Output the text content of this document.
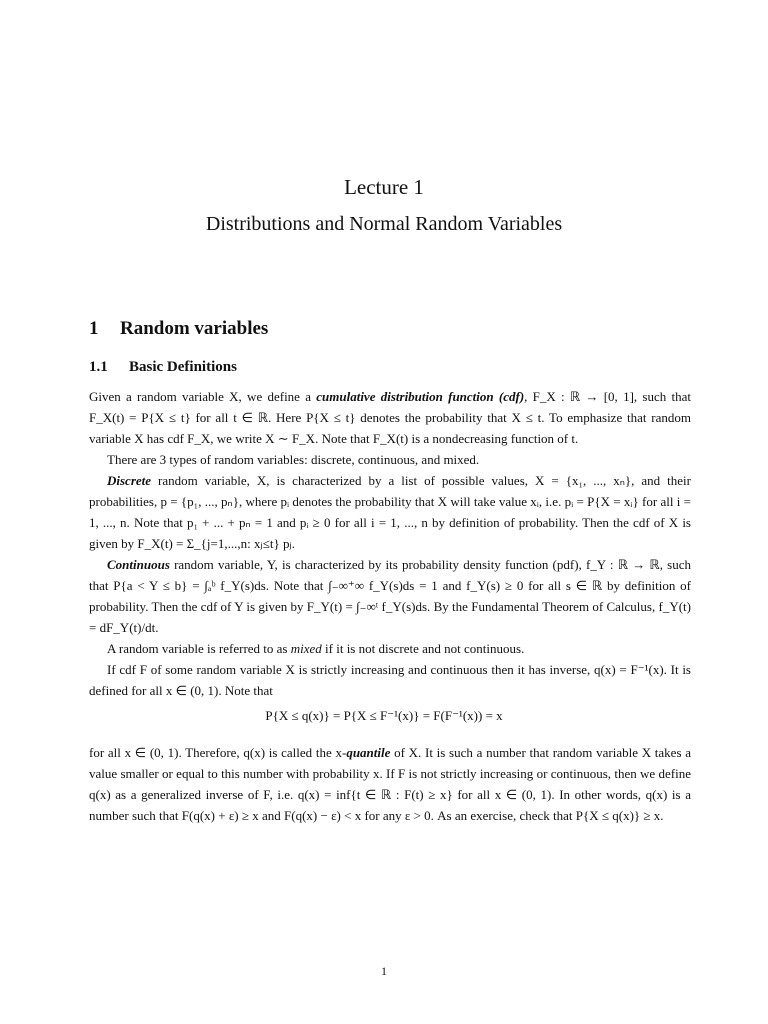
Lecture 1
Distributions and Normal Random Variables
1 Random variables
1.1 Basic Definitions

Given a random variable X, we define a cumulative distribution function (cdf), F_X : ℝ → [0, 1], such that F_X(t) = P{X ≤ t} for all t ∈ ℝ. Here P{X ≤ t} denotes the probability that X ≤ t. To emphasize that random variable X has cdf F_X, we write X ∼ F_X. Note that F_X(t) is a nondecreasing function of t.

There are 3 types of random variables: discrete, continuous, and mixed.

Discrete random variable, X, is characterized by a list of possible values, X = {x₁, ..., xₙ}, and their probabilities, p = {p₁, ..., pₙ}, where pᵢ denotes the probability that X will take value xᵢ, i.e. pᵢ = P{X = xᵢ} for all i = 1, ..., n. Note that p₁ + ... + pₙ = 1 and pᵢ ≥ 0 for all i = 1, ..., n by definition of probability. Then the cdf of X is given by F_X(t) = Σ_{j=1,...,n: xⱼ≤t} pⱼ.

Continuous random variable, Y, is characterized by its probability density function (pdf), f_Y : ℝ → ℝ, such that P{a < Y ≤ b} = ∫ₐᵇ f_Y(s)ds. Note that ∫₋∞⁺∞ f_Y(s)ds = 1 and f_Y(s) ≥ 0 for all s ∈ ℝ by definition of probability. Then the cdf of Y is given by F_Y(t) = ∫₋∞ᵗ f_Y(s)ds. By the Fundamental Theorem of Calculus, f_Y(t) = dF_Y(t)/dt.

A random variable is referred to as mixed if it is not discrete and not continuous.

If cdf F of some random variable X is strictly increasing and continuous then it has inverse, q(x) = F⁻¹(x). It is defined for all x ∈ (0, 1). Note that

P{X ≤ q(x)} = P{X ≤ F⁻¹(x)} = F(F⁻¹(x)) = x

for all x ∈ (0, 1). Therefore, q(x) is called the x-quantile of X. It is such a number that random variable X takes a value smaller or equal to this number with probability x. If F is not strictly increasing or continuous, then we define q(x) as a generalized inverse of F, i.e. q(x) = inf{t ∈ ℝ : F(t) ≥ x} for all x ∈ (0, 1). In other words, q(x) is a number such that F(q(x) + ε) ≥ x and F(q(x) − ε) < x for any ε > 0. As an exercise, check that P{X ≤ q(x)} ≥ x.

1
